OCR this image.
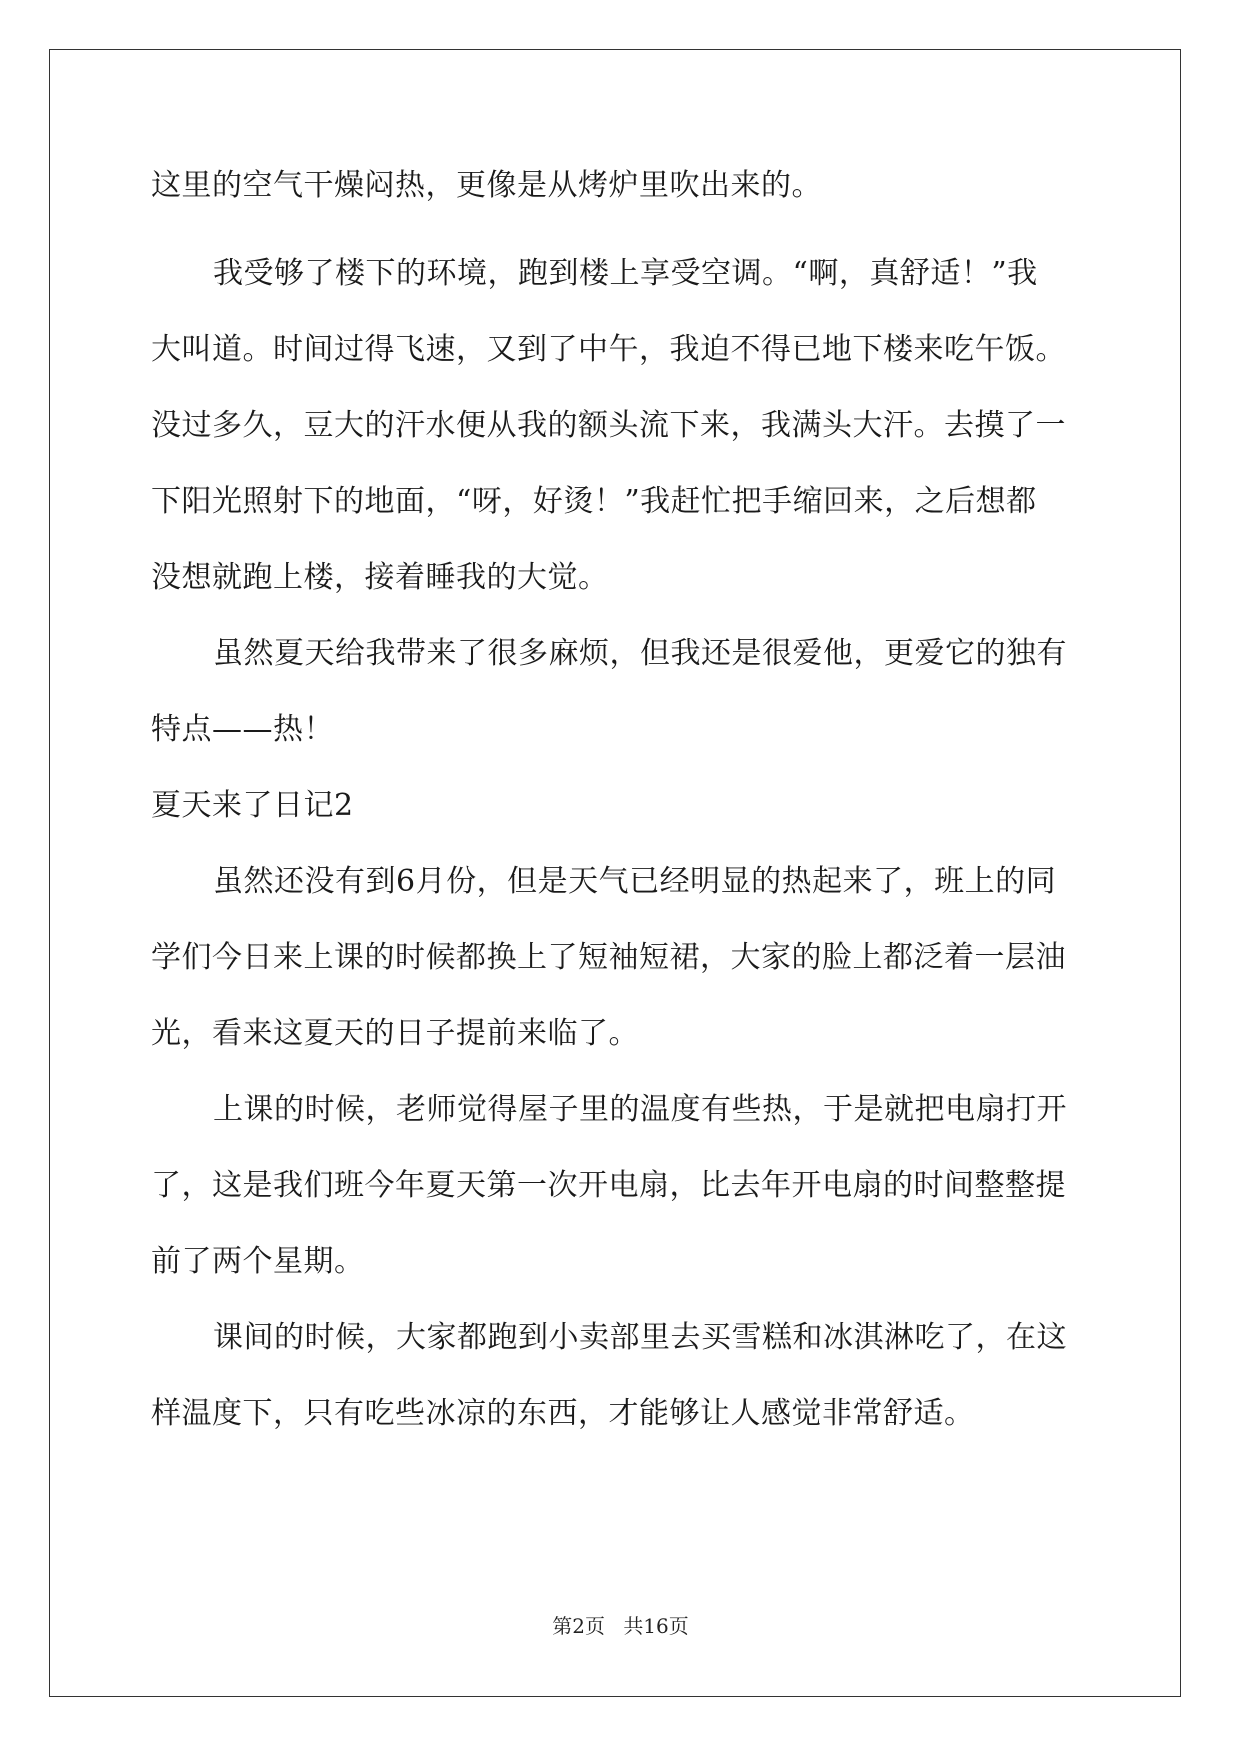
这里的空气干燥闷热，更像是从烤炉里吹出来的。
我受够了楼下的环境，跑到楼上享受空调。“啊，真舒适！”我
大叫道。时间过得飞速，又到了中午，我迫不得已地下楼来吃午饭。
没过多久，豆大的汗水便从我的额头流下来，我满头大汗。去摸了一
下阳光照射下的地面，“呀，好烫！”我赶忙把手缩回来，之后想都
没想就跑上楼，接着睡我的大觉。
虽然夏天给我带来了很多麻烦，但我还是很爱他，更爱它的独有
特点——热！
夏天来了日记2
虽然还没有到6月份，但是天气已经明显的热起来了，班上的同
学们今日来上课的时候都换上了短袖短裙，大家的脸上都泛着一层油
光，看来这夏天的日子提前来临了。
上课的时候，老师觉得屋子里的温度有些热，于是就把电扇打开
了，这是我们班今年夏天第一次开电扇，比去年开电扇的时间整整提
前了两个星期。
课间的时候，大家都跑到小卖部里去买雪糕和冰淇淋吃了，在这
样温度下，只有吃些冰凉的东西，才能够让人感觉非常舒适。
第2页 共16页
